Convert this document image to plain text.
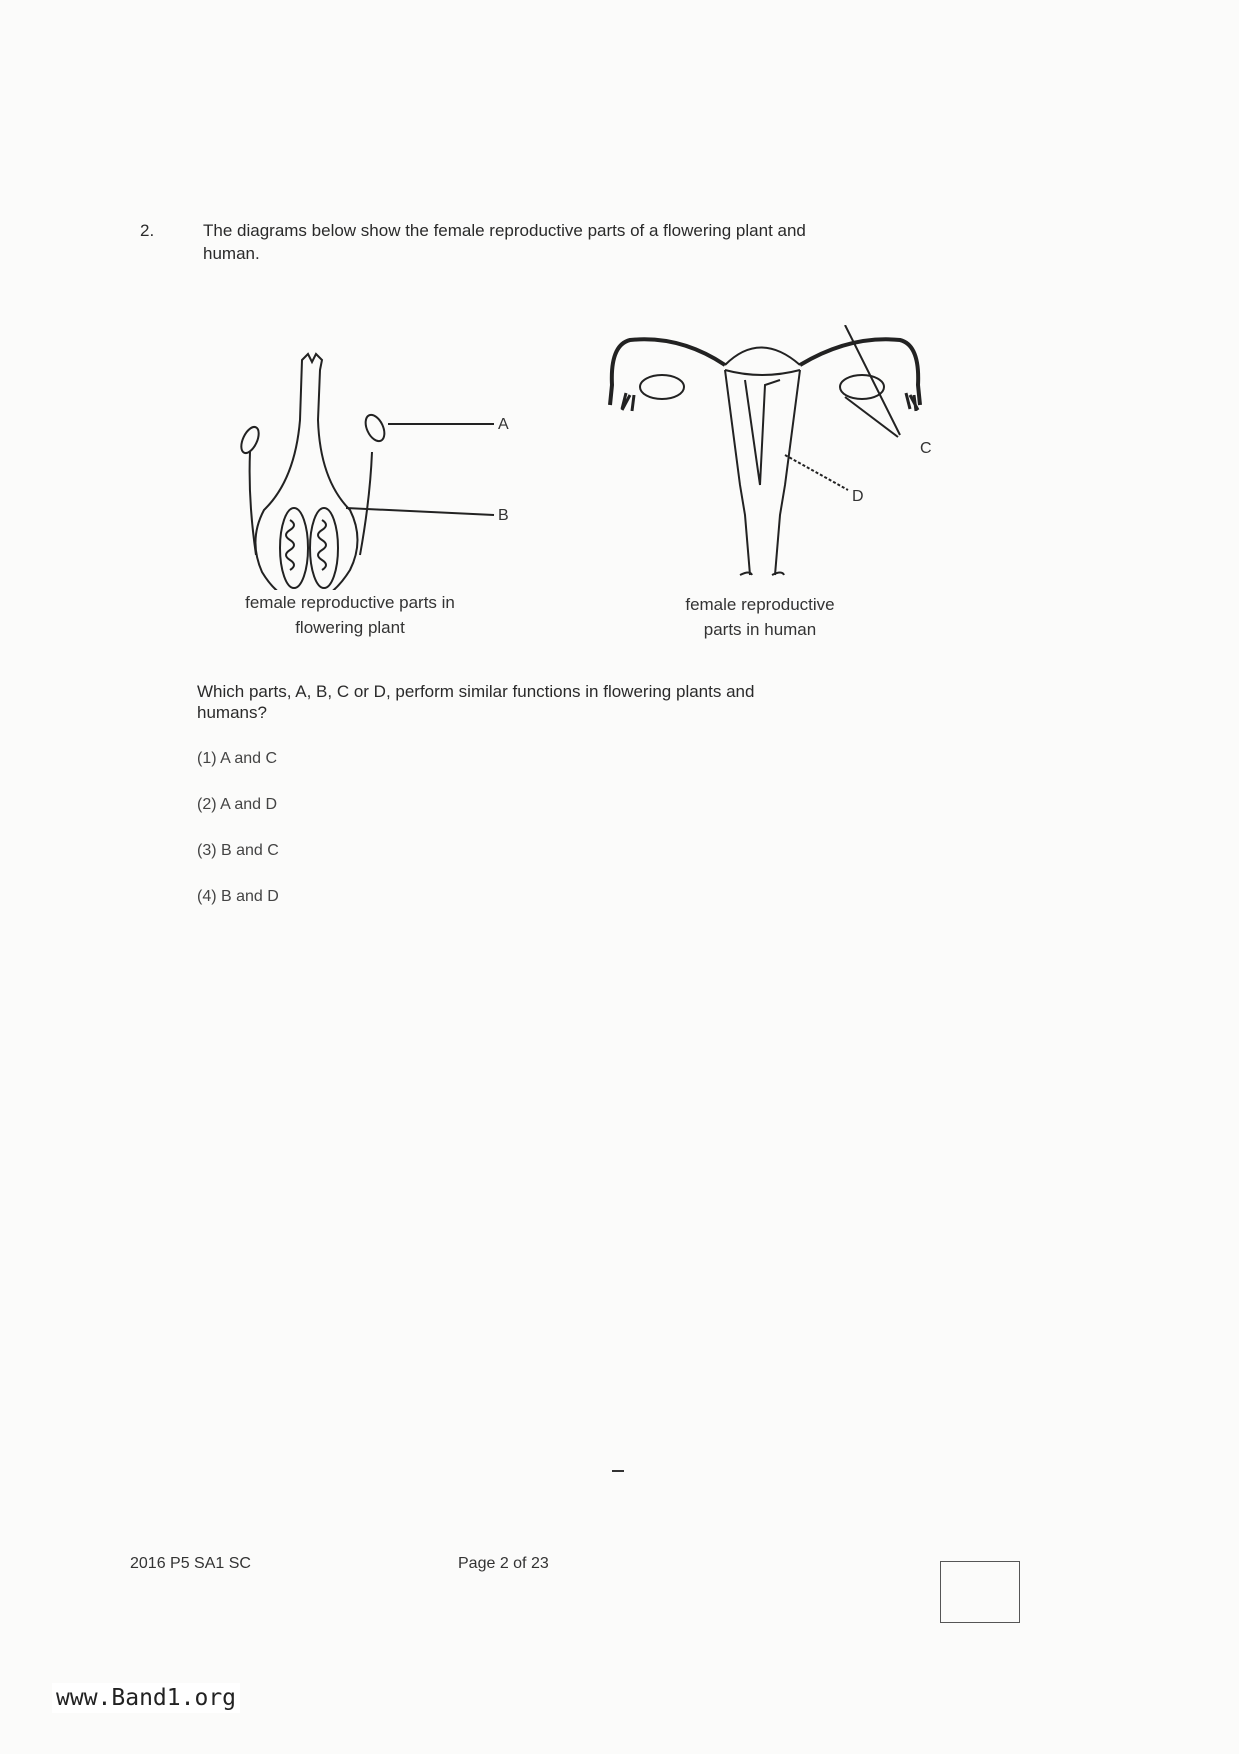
2.	The diagrams below show the female reproductive parts of a flowering plant and
human.
A
B
C
D
female reproductive parts in
flowering plant
female reproductive
parts in human
Which parts, A, B, C or D, perform similar functions in flowering plants and
humans?
(1) A and C
(2) A and D
(3) B and C
(4) B and D
2016 P5 SA1 SC	Page 2 of 23
www.Band1.org
